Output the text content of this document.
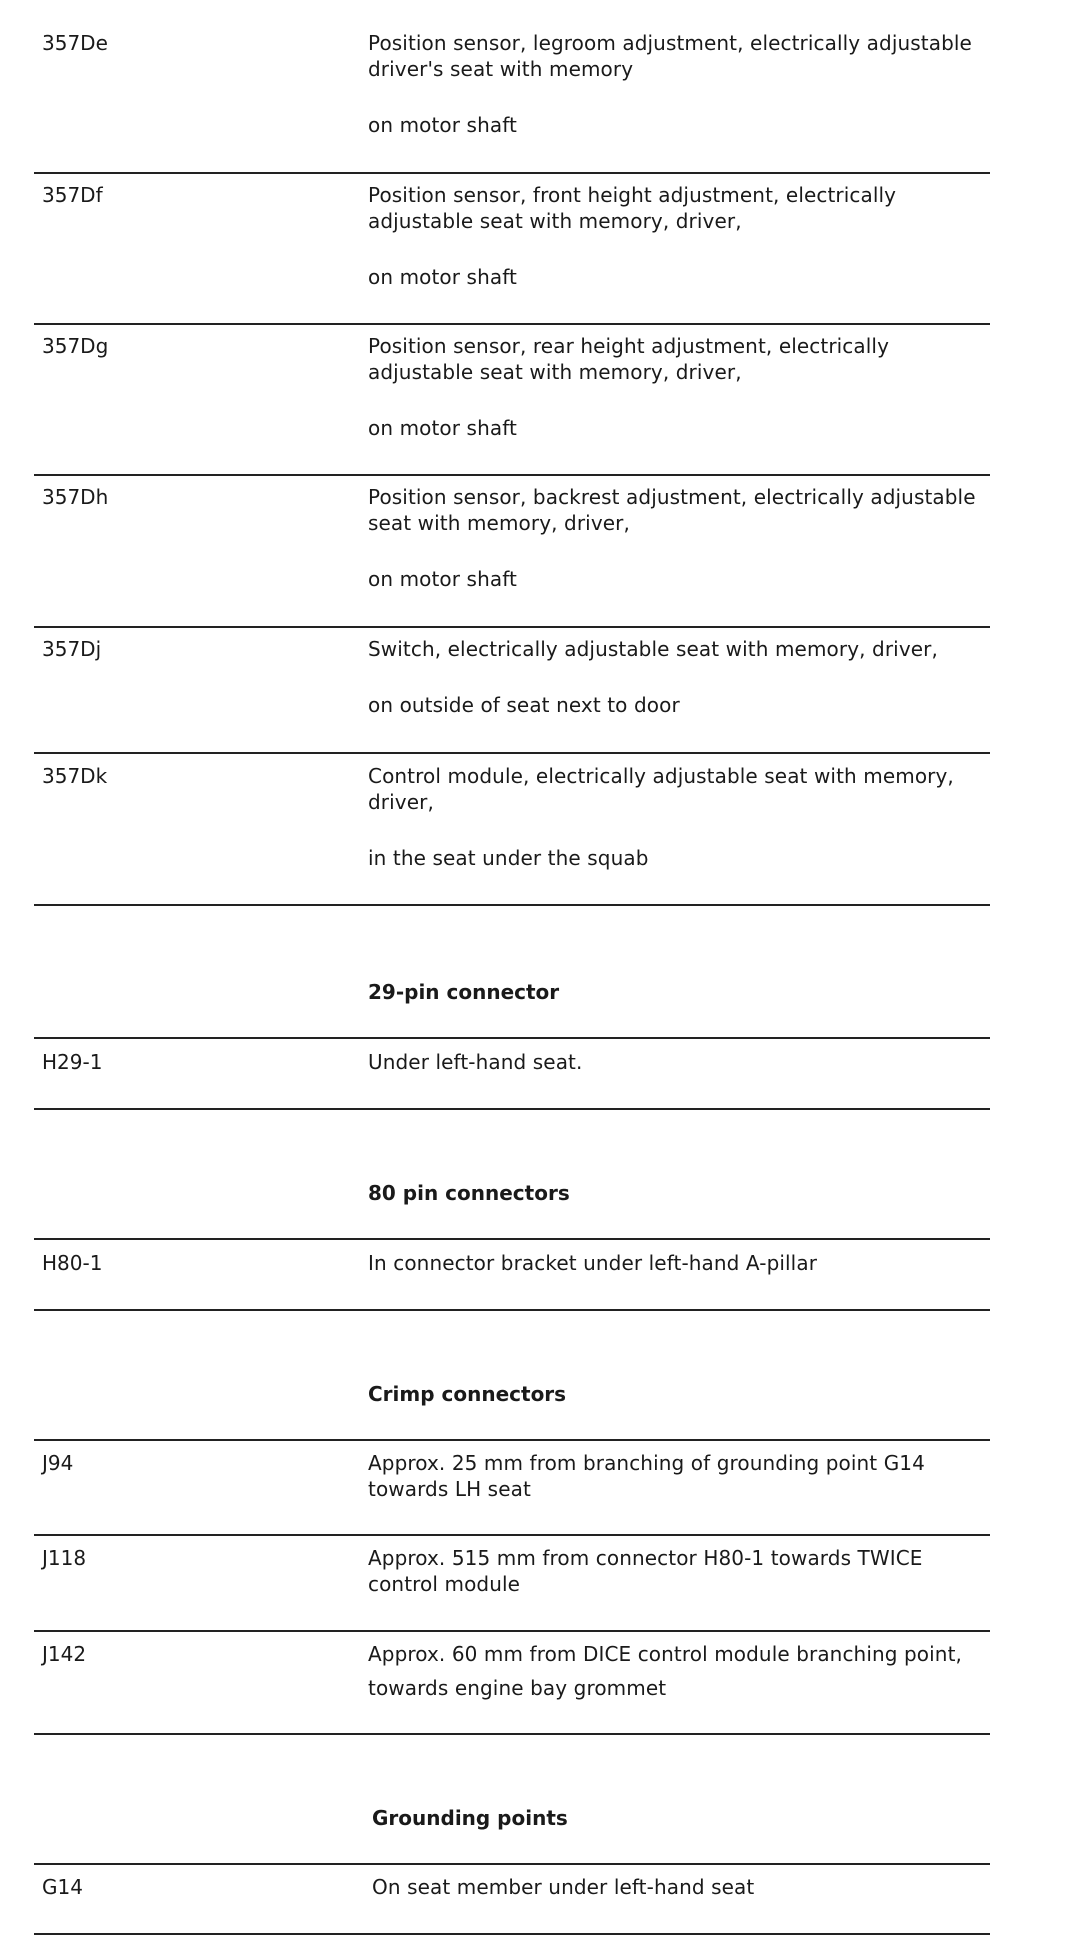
357De	Position sensor, legroom adjustment, electrically adjustable driver's seat with memory
on motor shaft
357Df	Position sensor, front height adjustment, electrically adjustable seat with memory, driver,
on motor shaft
357Dg	Position sensor, rear height adjustment, electrically adjustable seat with memory, driver,
on motor shaft
357Dh	Position sensor, backrest adjustment, electrically adjustable seat with memory, driver,
on motor shaft
357Dj	Switch, electrically adjustable seat with memory, driver,
on outside of seat next to door
357Dk	Control module, electrically adjustable seat with memory, driver,
in the seat under the squab
29-pin connector
H29-1	Under left-hand seat.
80 pin connectors
H80-1	In connector bracket under left-hand A-pillar
Crimp connectors
J94	Approx. 25 mm from branching of grounding point G14 towards LH seat
J118	Approx. 515 mm from connector H80-1 towards TWICE control module
J142	Approx. 60 mm from DICE control module branching point, towards engine bay grommet
Grounding points
G14	On seat member under left-hand seat
